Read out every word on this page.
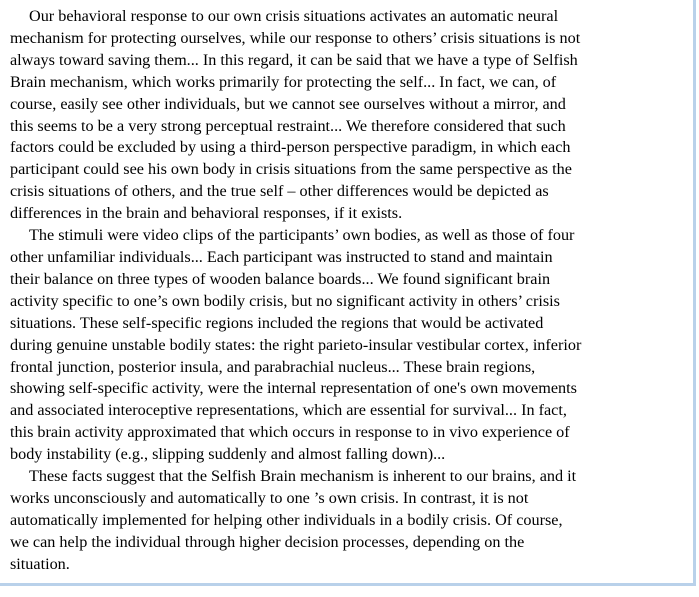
Our behavioral response to our own crisis situations activates an automatic neural
mechanism for protecting ourselves, while our response to others’ crisis situations is not
always toward saving them... In this regard, it can be said that we have a type of Selfish
Brain mechanism, which works primarily for protecting the self... In fact, we can, of
course, easily see other individuals, but we cannot see ourselves without a mirror, and
this seems to be a very strong perceptual restraint... We therefore considered that such
factors could be excluded by using a third-person perspective paradigm, in which each
participant could see his own body in crisis situations from the same perspective as the
crisis situations of others, and the true self – other differences would be depicted as
differences in the brain and behavioral responses, if it exists.
The stimuli were video clips of the participants’ own bodies, as well as those of four
other unfamiliar individuals... Each participant was instructed to stand and maintain
their balance on three types of wooden balance boards... We found significant brain
activity specific to one’s own bodily crisis, but no significant activity in others’ crisis
situations. These self-specific regions included the regions that would be activated
during genuine unstable bodily states: the right parieto-insular vestibular cortex, inferior
frontal junction, posterior insula, and parabrachial nucleus... These brain regions,
showing self-specific activity, were the internal representation of one's own movements
and associated interoceptive representations, which are essential for survival... In fact,
this brain activity approximated that which occurs in response to in vivo experience of
body instability (e.g., slipping suddenly and almost falling down)...
These facts suggest that the Selfish Brain mechanism is inherent to our brains, and it
works unconsciously and automatically to one ’s own crisis. In contrast, it is not
automatically implemented for helping other individuals in a bodily crisis. Of course,
we can help the individual through higher decision processes, depending on the
situation.
